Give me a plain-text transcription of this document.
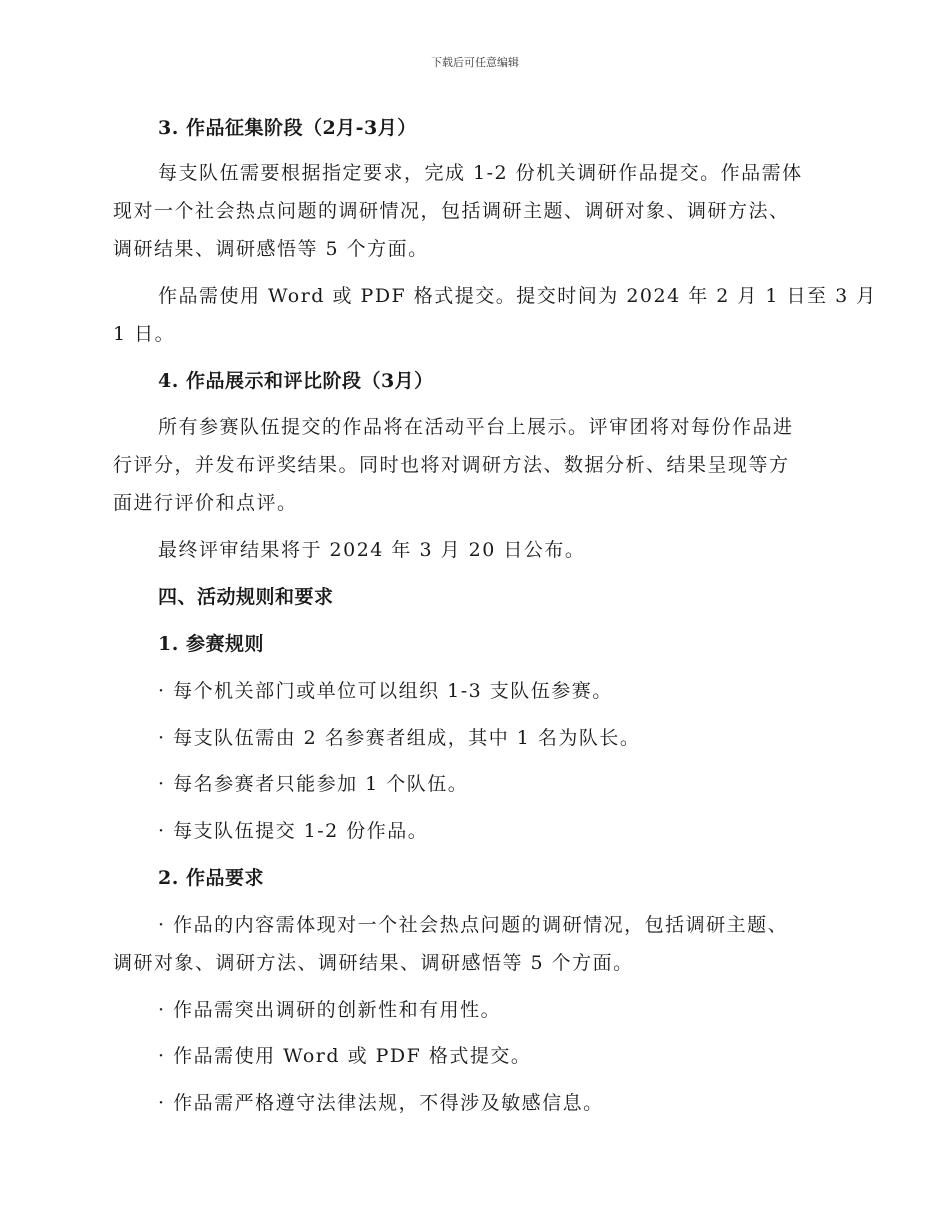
下载后可任意编辑
3. 作品征集阶段（2月-3月）
每支队伍需要根据指定要求，完成 1-2 份机关调研作品提交。作品需体
现对一个社会热点问题的调研情况，包括调研主题、调研对象、调研方法、
调研结果、调研感悟等 5 个方面。
作品需使用 Word 或 PDF 格式提交。提交时间为 2024 年 2 月 1 日至 3 月
1 日。
4. 作品展示和评比阶段（3月）
所有参赛队伍提交的作品将在活动平台上展示。评审团将对每份作品进
行评分，并发布评奖结果。同时也将对调研方法、数据分析、结果呈现等方
面进行评价和点评。
最终评审结果将于 2024 年 3 月 20 日公布。
四、活动规则和要求
1. 参赛规则
· 每个机关部门或单位可以组织 1-3 支队伍参赛。
· 每支队伍需由 2 名参赛者组成，其中 1 名为队长。
· 每名参赛者只能参加 1 个队伍。
· 每支队伍提交 1-2 份作品。
2. 作品要求
· 作品的内容需体现对一个社会热点问题的调研情况，包括调研主题、
调研对象、调研方法、调研结果、调研感悟等 5 个方面。
· 作品需突出调研的创新性和有用性。
· 作品需使用 Word 或 PDF 格式提交。
· 作品需严格遵守法律法规，不得涉及敏感信息。
